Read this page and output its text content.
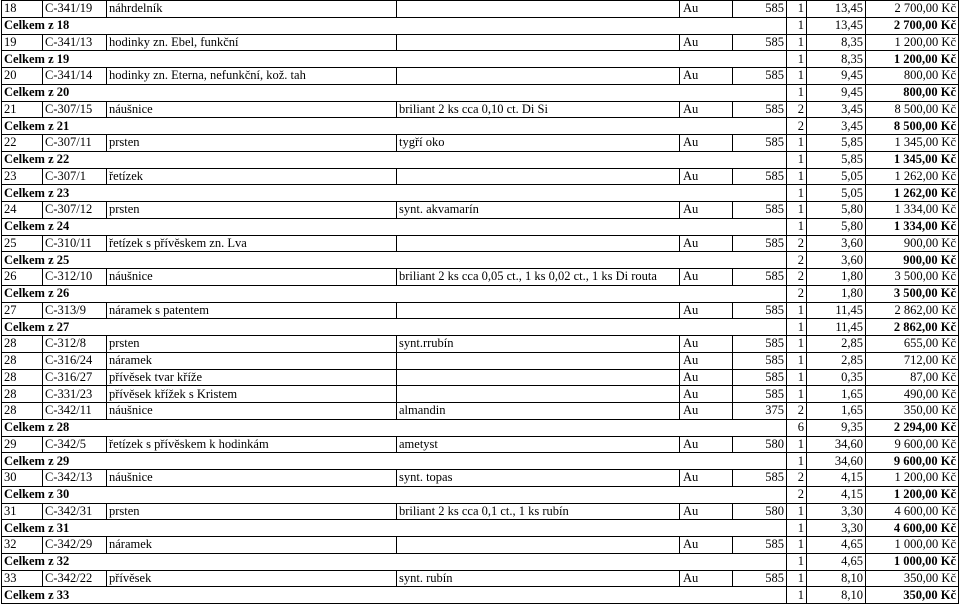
18	C-341/19	náhrdelník		Au	585	1	13,45	2 700,00 Kč
Celkem z 18						1	13,45	2 700,00 Kč
19	C-341/13	hodinky zn. Ebel, funkční		Au	585	1	8,35	1 200,00 Kč
Celkem z 19						1	8,35	1 200,00 Kč
20	C-341/14	hodinky zn. Eterna, nefunkční, kož. tah		Au	585	1	9,45	800,00 Kč
Celkem z 20						1	9,45	800,00 Kč
21	C-307/15	náušnice	briliant 2 ks cca 0,10 ct. Di Si	Au	585	2	3,45	8 500,00 Kč
Celkem z 21						2	3,45	8 500,00 Kč
22	C-307/11	prsten	tygří oko	Au	585	1	5,85	1 345,00 Kč
Celkem z 22						1	5,85	1 345,00 Kč
23	C-307/1	řetízek		Au	585	1	5,05	1 262,00 Kč
Celkem z 23						1	5,05	1 262,00 Kč
24	C-307/12	prsten	synt. akvamarín	Au	585	1	5,80	1 334,00 Kč
Celkem z 24						1	5,80	1 334,00 Kč
25	C-310/11	řetízek s přívěskem zn. Lva		Au	585	2	3,60	900,00 Kč
Celkem z 25						2	3,60	900,00 Kč
26	C-312/10	náušnice	briliant 2 ks cca 0,05 ct., 1 ks 0,02 ct., 1 ks Di routa	Au	585	2	1,80	3 500,00 Kč
Celkem z 26						2	1,80	3 500,00 Kč
27	C-313/9	náramek s patentem		Au	585	1	11,45	2 862,00 Kč
Celkem z 27						1	11,45	2 862,00 Kč
28	C-312/8	prsten	synt.rrubín	Au	585	1	2,85	655,00 Kč
28	C-316/24	náramek		Au	585	1	2,85	712,00 Kč
28	C-316/27	přívěsek tvar kříže		Au	585	1	0,35	87,00 Kč
28	C-331/23	přívěsek křížek s Kristem		Au	585	1	1,65	490,00 Kč
28	C-342/11	náušnice	almandin	Au	375	2	1,65	350,00 Kč
Celkem z 28						6	9,35	2 294,00 Kč
29	C-342/5	řetízek s přívěskem k hodinkám	ametyst	Au	580	1	34,60	9 600,00 Kč
Celkem z 29						1	34,60	9 600,00 Kč
30	C-342/13	náušnice	synt. topas	Au	585	2	4,15	1 200,00 Kč
Celkem z 30						2	4,15	1 200,00 Kč
31	C-342/31	prsten	briliant 2 ks cca 0,1 ct., 1 ks rubín	Au	580	1	3,30	4 600,00 Kč
Celkem z 31						1	3,30	4 600,00 Kč
32	C-342/29	náramek		Au	585	1	4,65	1 000,00 Kč
Celkem z 32						1	4,65	1 000,00 Kč
33	C-342/22	přívěsek	synt. rubín	Au	585	1	8,10	350,00 Kč
Celkem z 33						1	8,10	350,00 Kč
